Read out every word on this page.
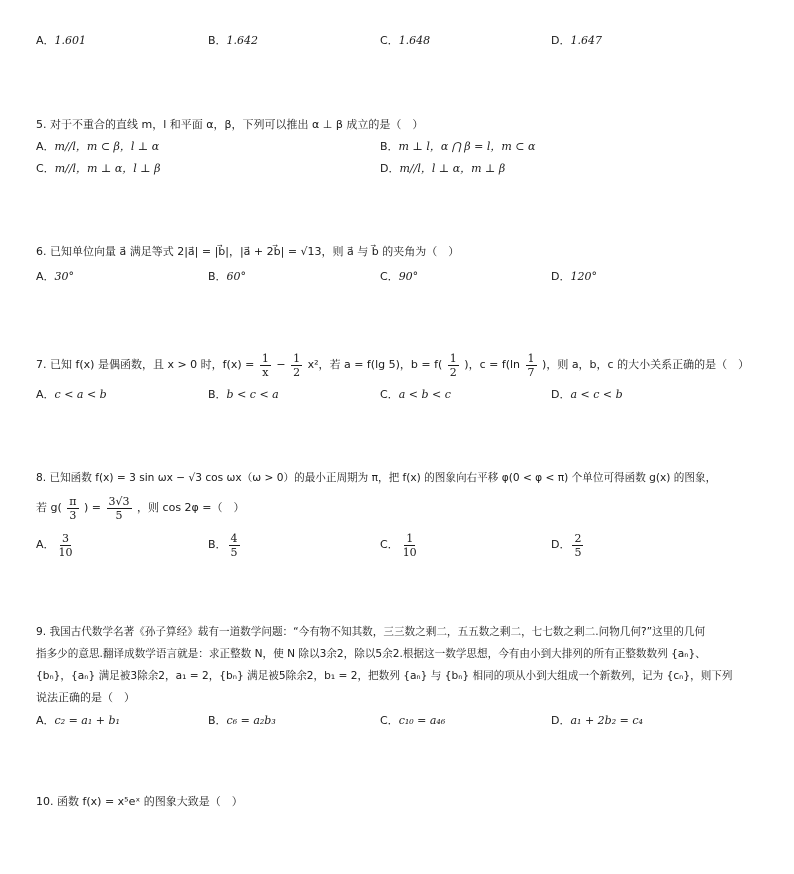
A．1.601	B．1.642	C．1.648	D．1.647
5. 对于不重合的直线 m，l 和平面 α，β，下列可以推出 α ⊥ β 成立的是（　）
A．m//l，m ⊂ β，l ⊥ α	B．m ⊥ l，α ⋂ β = l，m ⊂ α
C．m//l，m ⊥ α，l ⊥ β	D．m//l，l ⊥ α，m ⊥ β
6. 已知单位向量 a⃗ 满足等式 2|a⃗| = |b⃗|，|a⃗ + 2b⃗| = √13，则 a⃗ 与 b⃗ 的夹角为（　）
A．30°	B．60°	C．90°	D．120°
7. 已知 f(x) 是偶函数，且 x > 0 时，$f(x) = \frac{1}{x} - \frac{1}{2} x^2$，若 a = f(lg 5)，$b = f( \frac{1}{2}$ )，$c = f(\ln \frac{1}{7}$ )，则 a，b，c 的大小关系正确的是（　）
A．c < a < b	B．b < c < a	C．a < b < c	D．a < c < b
8. 已知函数 f(x) = 3 sin ωx − √3 cos ωx（ω > 0）的最小正周期为 π，把 f(x) 的图象向右平移 φ(0 < φ < π) 个单位可得函数 g(x) 的图象，
若 $g( \frac{\pi}{3}$ ) = $\frac{3√3}{5}$ ，则 cos 2φ =（　）
A． $\frac{3}{10}$	B． $\frac{4}{5}$	C． $\frac{1}{10}$	D． $\frac{2}{5}$
9. 我国古代数学名著《孙子算经》载有一道数学问题：“今有物不知其数，三三数之剩二，五五数之剩二，七七数之剩二.问物几何?”这里的几何
指多少的意思.翻译成数学语言就是：求正整数 N，使 N 除以3余2，除以5余2.根据这一数学思想，今有由小到大排列的所有正整数数列 {aₙ}、
{bₙ}，{aₙ} 满足被3除余2，a₁ = 2，{bₙ} 满足被5除余2，b₁ = 2，把数列 {aₙ} 与 {bₙ} 相同的项从小到大组成一个新数列，记为 {cₙ}，则下列
说法正确的是（　）
A．c₂ = a₁ + b₁	B．c₆ = a₂b₃	C．c₁₀ = a₄₆	D．a₁ + 2b₂ = c₄
10. 函数 f(x) = x⁵eˣ 的图象大致是（　）
